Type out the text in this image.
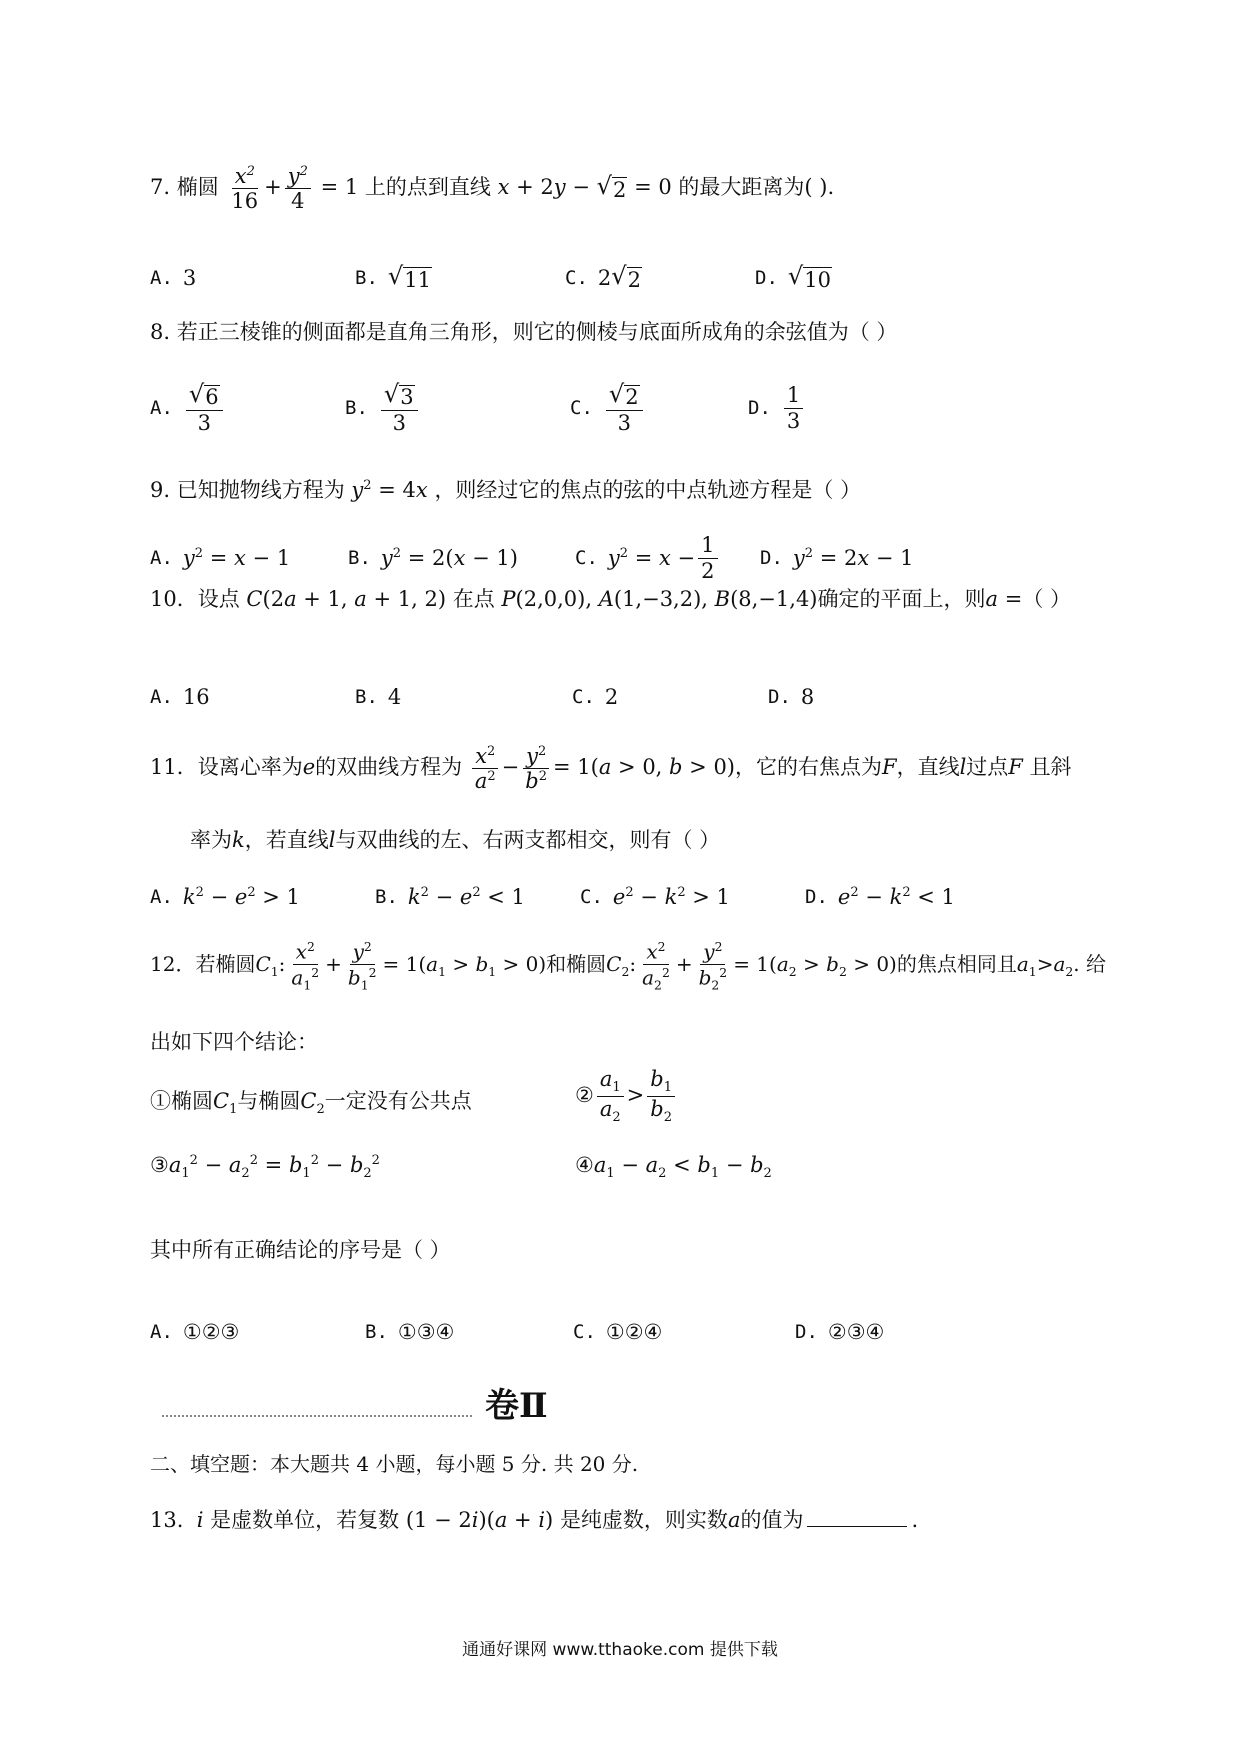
7. 椭圆 $\frac{x^2}{16} + \frac{y^2}{4} = 1$ 上的点到直线 x + 2y − √ 2 = 0 的最大距离为( ).
A. 3	B. √ 11	C. 2 √ 2	D. √ 10
8. 若正三棱锥的侧面都是直角三角形，则它的侧棱与底面所成角的余弦值为（ ）
A. $\frac{√ 6}{3}$	B. $\frac{√ 3}{3}$	C. $\frac{√ 2}{3}$	D. $\frac{1}{3}$
9. 已知抛物线方程为 $y^2 = 4x$ ，则经过它的焦点的弦的中点轨迹方程是（ ）
A. $y^2 = x - 1$	B. $y^2 = 2(x - 1)$	C. $y^2 = x - \frac{1}{2} D$. $y^2 = 2x - 1$
10．设点 C(2a + 1, a + 1, 2) 在点 P(2,0,0), A(1,−3,2), B(8,−1,4)确定的平面上，则a =（ ）
A. 16	B. 4	C. 2	D. 8
11．设离心率为e的双曲线方程为 $\frac{x^2}{a^2} - \frac{y^2}{b^2} = 1(a > 0$, b > 0)，它的右焦点为F，直线l过点F 且斜
率为k，若直线l与双曲线的左、右两支都相交，则有（ ）
A. $k^2 - e^2 > 1$	B. $k^2 - e^2 < 1$	C. $e^2 - k^2 > 1$	D. $e^2 - k^2 < 1$
12．若椭圆$C_1$: $\frac{x^2}{a_1^2} + \frac{y^2}{b_1^2} = 1(a_1 > b_1 > 0)$和椭圆$C_2$: $\frac{x^2}{a_2^2} + \frac{y^2}{b_2^2} = 1(a_2 > b_2 > 0)$的焦点相同且$a_1>a_2$. 给
出如下四个结论：
①椭圆$C_1$与椭圆$C_2$一定没有公共点	② $\frac{a_1}{a_2} > \frac{b_1}{b_2}$
$③a_1^2 - a_2^2 = b_1^2 - b_2^2$	$④a_1 - a_2 < b_1 - b_2$
其中所有正确结论的序号是（ ）
A. ①②③	B. ①③④	C. ①②④	D. ②③④
卷Ⅱ
二、填空题：本大题共 4 小题，每小题 5 分. 共 20 分.
13.  i 是虚数单位，若复数 (1 − 2i)(a + i) 是纯虚数，则实数a的值为	.
通通好课网 www.tthaoke.com 提供下载
